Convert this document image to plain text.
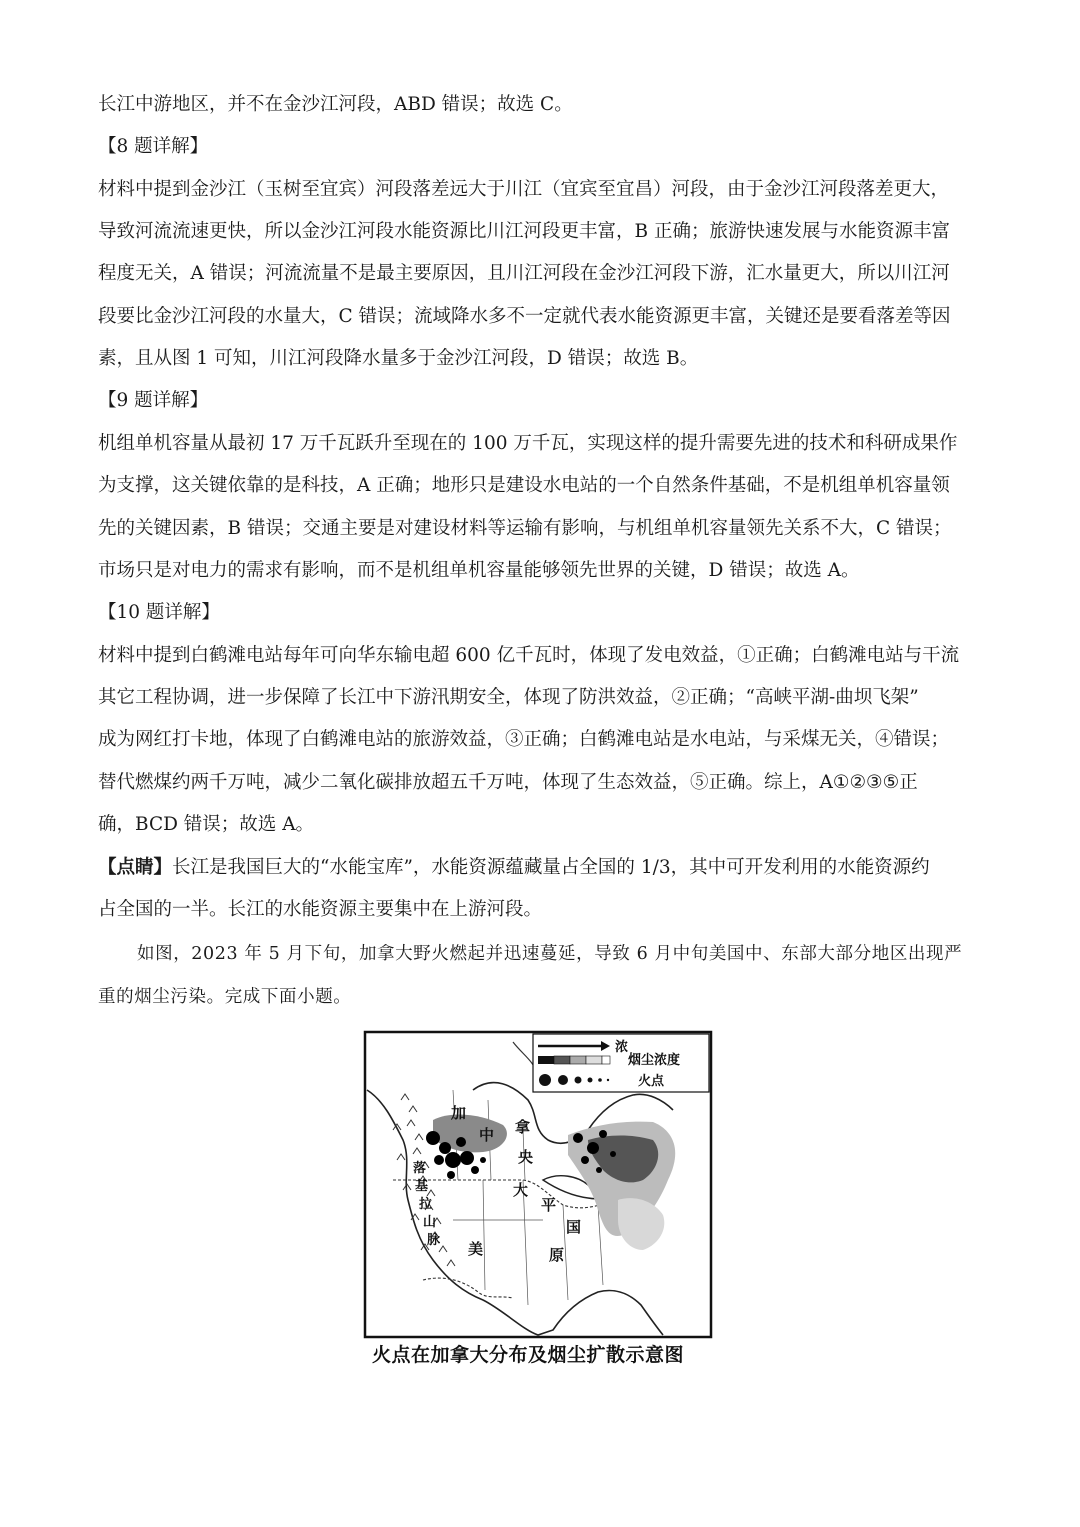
长江中游地区，并不在金沙江河段，ABD 错误；故选 C。
【8 题详解】
材料中提到金沙江（玉树至宜宾）河段落差远大于川江（宜宾至宜昌）河段，由于金沙江河段落差更大，
导致河流流速更快，所以金沙江河段水能资源比川江河段更丰富，B 正确；旅游快速发展与水能资源丰富
程度无关，A 错误；河流流量不是最主要原因，且川江河段在金沙江河段下游，汇水量更大，所以川江河
段要比金沙江河段的水量大，C 错误；流域降水多不一定就代表水能资源更丰富，关键还是要看落差等因
素，且从图 1 可知，川江河段降水量多于金沙江河段，D 错误；故选 B。
【9 题详解】
机组单机容量从最初 17 万千瓦跃升至现在的 100 万千瓦，实现这样的提升需要先进的技术和科研成果作
为支撑，这关键依靠的是科技，A 正确；地形只是建设水电站的一个自然条件基础，不是机组单机容量领
先的关键因素，B 错误；交通主要是对建设材料等运输有影响，与机组单机容量领先关系不大，C 错误；
市场只是对电力的需求有影响，而不是机组单机容量能够领先世界的关键，D 错误；故选 A。
【10 题详解】
材料中提到白鹤滩电站每年可向华东输电超 600 亿千瓦时，体现了发电效益，①正确；白鹤滩电站与干流
其它工程协调，进一步保障了长江中下游汛期安全，体现了防洪效益，②正确；“高峡平湖-曲坝飞架”
成为网红打卡地，体现了白鹤滩电站的旅游效益，③正确；白鹤滩电站是水电站，与采煤无关，④错误；
替代燃煤约两千万吨，减少二氧化碳排放超五千万吨，体现了生态效益，⑤正确。综上，A①②③⑤正
确，BCD 错误；故选 A。
【点睛】长江是我国巨大的“水能宝库”，水能资源蕴藏量占全国的 1/3，其中可开发利用的水能资源约
占全国的一半。长江的水能资源主要集中在上游河段。
如图，2023 年 5 月下旬，加拿大野火燃起并迅速蔓延，导致 6 月中旬美国中、东部大部分地区出现严
重的烟尘污染。完成下面小题。
浓
烟尘浓度
火点
加
中 拿
央
大
平
国
美	原
落
基
拉
山
脉
火点在加拿大分布及烟尘扩散示意图
